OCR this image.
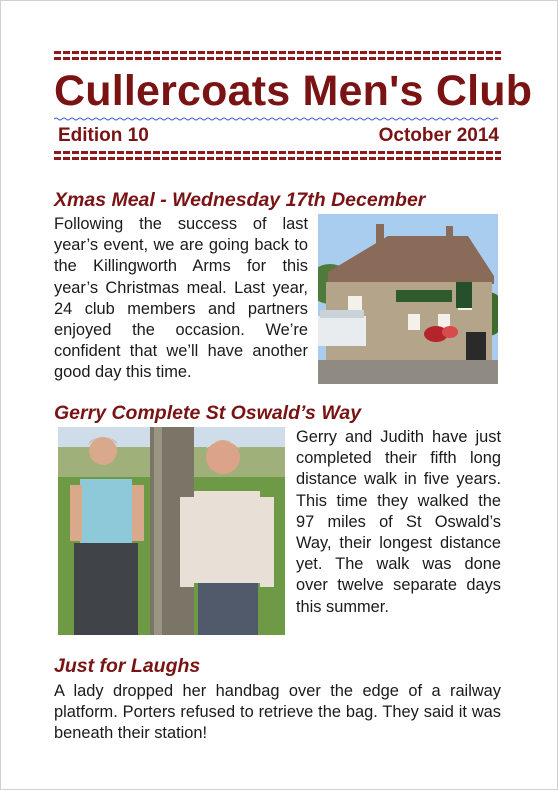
Cullercoats Men's Club
Edition 10	October 2014
Xmas Meal - Wednesday 17th December

Following the success of last year’s event, we are going back to the Killingworth Arms for this year’s Christmas meal. Last year, 24 club members and partners enjoyed the occasion. We’re confident that we’ll have another good day this time.

Gerry Complete St Oswald’s Way

Gerry and Judith have just completed their fifth long distance walk in five years. This time they walked the 97 miles of St Oswald’s Way, their longest distance yet. The walk was done over twelve separate days this summer.

Just for Laughs

A lady dropped her handbag over the edge of a railway platform. Porters refused to retrieve the bag. They said it was beneath their station!
